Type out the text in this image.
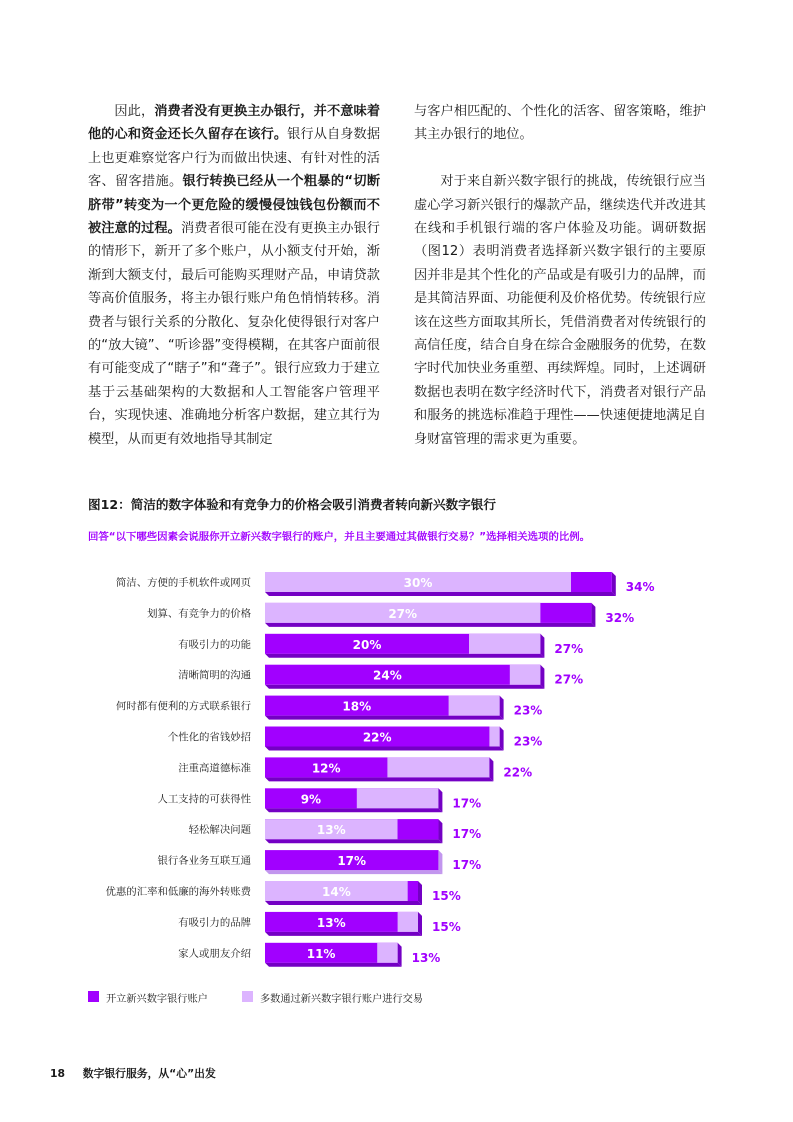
因此，消费者没有更换主办银行，并不意味着他的心和资金还长久留存在该行。银行从自身数据上也更难察觉客户行为而做出快速、有针对性的活客、留客措施。银行转换已经从一个粗暴的“切断脐带”转变为一个更危险的缓慢侵蚀钱包份额而不被注意的过程。消费者很可能在没有更换主办银行的情形下，新开了多个账户，从小额支付开始，渐渐到大额支付，最后可能购买理财产品，申请贷款等高价值服务，将主办银行账户角色悄悄转移。消费者与银行关系的分散化、复杂化使得银行对客户的“放大镜”、“听诊器”变得模糊，在其客户面前很有可能变成了“瞎子”和“聋子”。银行应致力于建立基于云基础架构的大数据和人工智能客户管理平台，实现快速、准确地分析客户数据，建立其行为模型，从而更有效地指导其制定

与客户相匹配的、个性化的活客、留客策略，维护其主办银行的地位。

对于来自新兴数字银行的挑战，传统银行应当虚心学习新兴银行的爆款产品，继续迭代并改进其在线和手机银行端的客户体验及功能。调研数据（图12）表明消费者选择新兴数字银行的主要原因并非是其个性化的产品或是有吸引力的品牌，而是其简洁界面、功能便利及价格优势。传统银行应该在这些方面取其所长，凭借消费者对传统银行的高信任度，结合自身在综合金融服务的优势，在数字时代加快业务重塑、再续辉煌。同时，上述调研数据也表明在数字经济时代下，消费者对银行产品和服务的挑选标准趋于理性——快速便捷地满足自身财富管理的需求更为重要。

图12：简洁的数字体验和有竞争力的价格会吸引消费者转向新兴数字银行
回答“以下哪些因素会说服你开立新兴数字银行的账户，并且主要通过其做银行交易？”选择相关选项的比例。
简洁、方便的手机软件或网页	30%	34%
划算、有竞争力的价格	27%	32%
有吸引力的功能	20%	27%
清晰简明的沟通	24%	27%
何时都有便利的方式联系银行	18%	23%
个性化的省钱妙招	22%	23%
注重高道德标准	12%	22%
人工支持的可获得性	9%	17%
轻松解决问题	13%	17%
银行各业务互联互通	17%	17%
优惠的汇率和低廉的海外转账费	14%	15%
有吸引力的品牌	13%	15%
家人或朋友介绍	11%	13%
开立新兴数字银行账户	多数通过新兴数字银行账户进行交易
18 数字银行服务，从“心”出发
